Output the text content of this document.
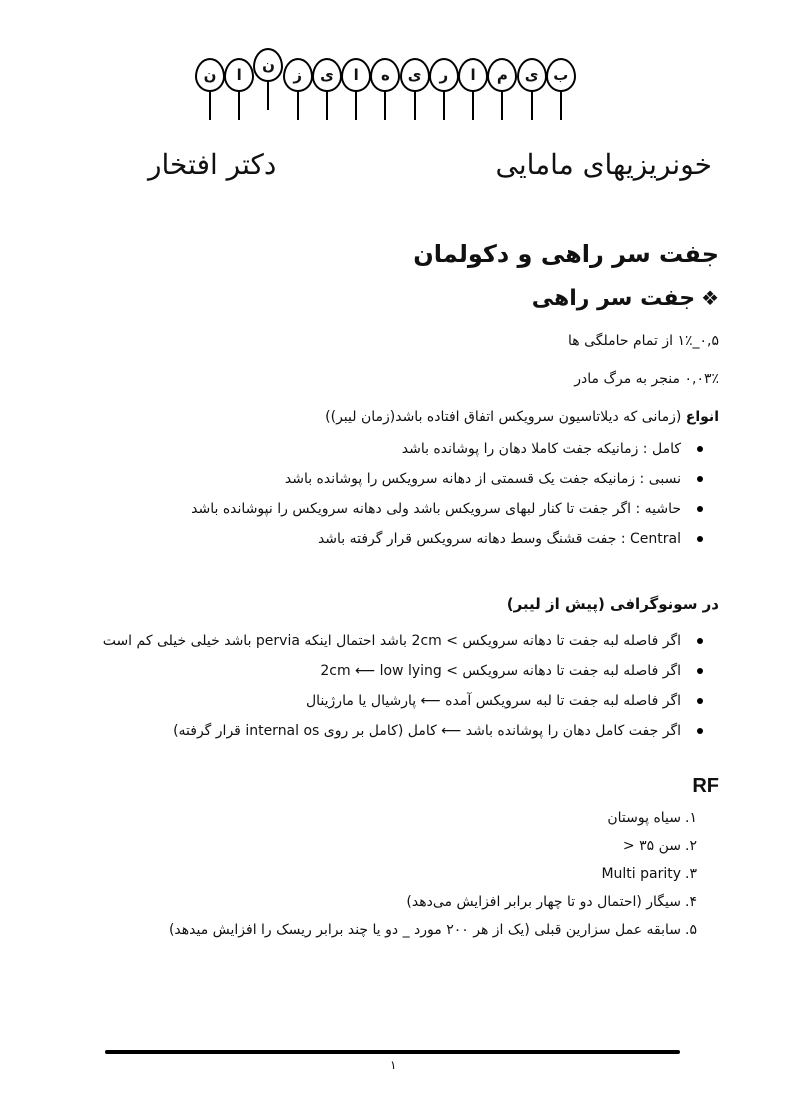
ن	ا
ن
ز	ی	ا	ه	ی	ر	ا	م	ی ب
دکتر افتخار	خونریزیهای مامایی
جفت سر راهی و دکولمان
❖جفت سر راهی
۰,۵_۱٪ از تمام حاملگی ها
۰,۰۳٪ منجر به مرگ مادر
انواع (زمانی که دیلاتاسیون سرویکس اتفاق افتاده باشد(زمان لیبر))
کامل : زمانیکه جفت کاملا دهان را پوشانده باشد
نسبی : زمانیکه جفت یک قسمتی از دهانه سرویکس را پوشانده باشد
حاشیه : اگر جفت تا کنار لبهای سرویکس باشد ولی دهانه سرویکس را نپوشانده باشد
Central : جفت قشنگ وسط دهانه سرویکس قرار گرفته باشد
در سونوگرافی (پیش از لیبر)
اگر فاصله لبه جفت تا دهانه سرویکس > 2cm باشد احتمال اینکه pervia باشد خیلی خیلی کم است
اگر فاصله لبه جفت تا دهانه سرویکس > 2cm ⟵ low lying
اگر فاصله لبه جفت تا لبه سرویکس آمده ⟵ پارشیال یا مارژینال
اگر جفت کامل دهان را پوشانده باشد ⟵ کامل (کامل بر روی internal os قرار گرفته)
RF
۱.
سیاه پوستان
۲.
سن ۳۵ <
۳.
Multi parity
۴.
سیگار (احتمال دو تا چهار برابر افزایش می‌دهد)
۵.
سابقه عمل سزارین قبلی (یک از هر ۲۰۰ مورد _ دو یا چند برابر ریسک را افزایش میدهد)
۱
